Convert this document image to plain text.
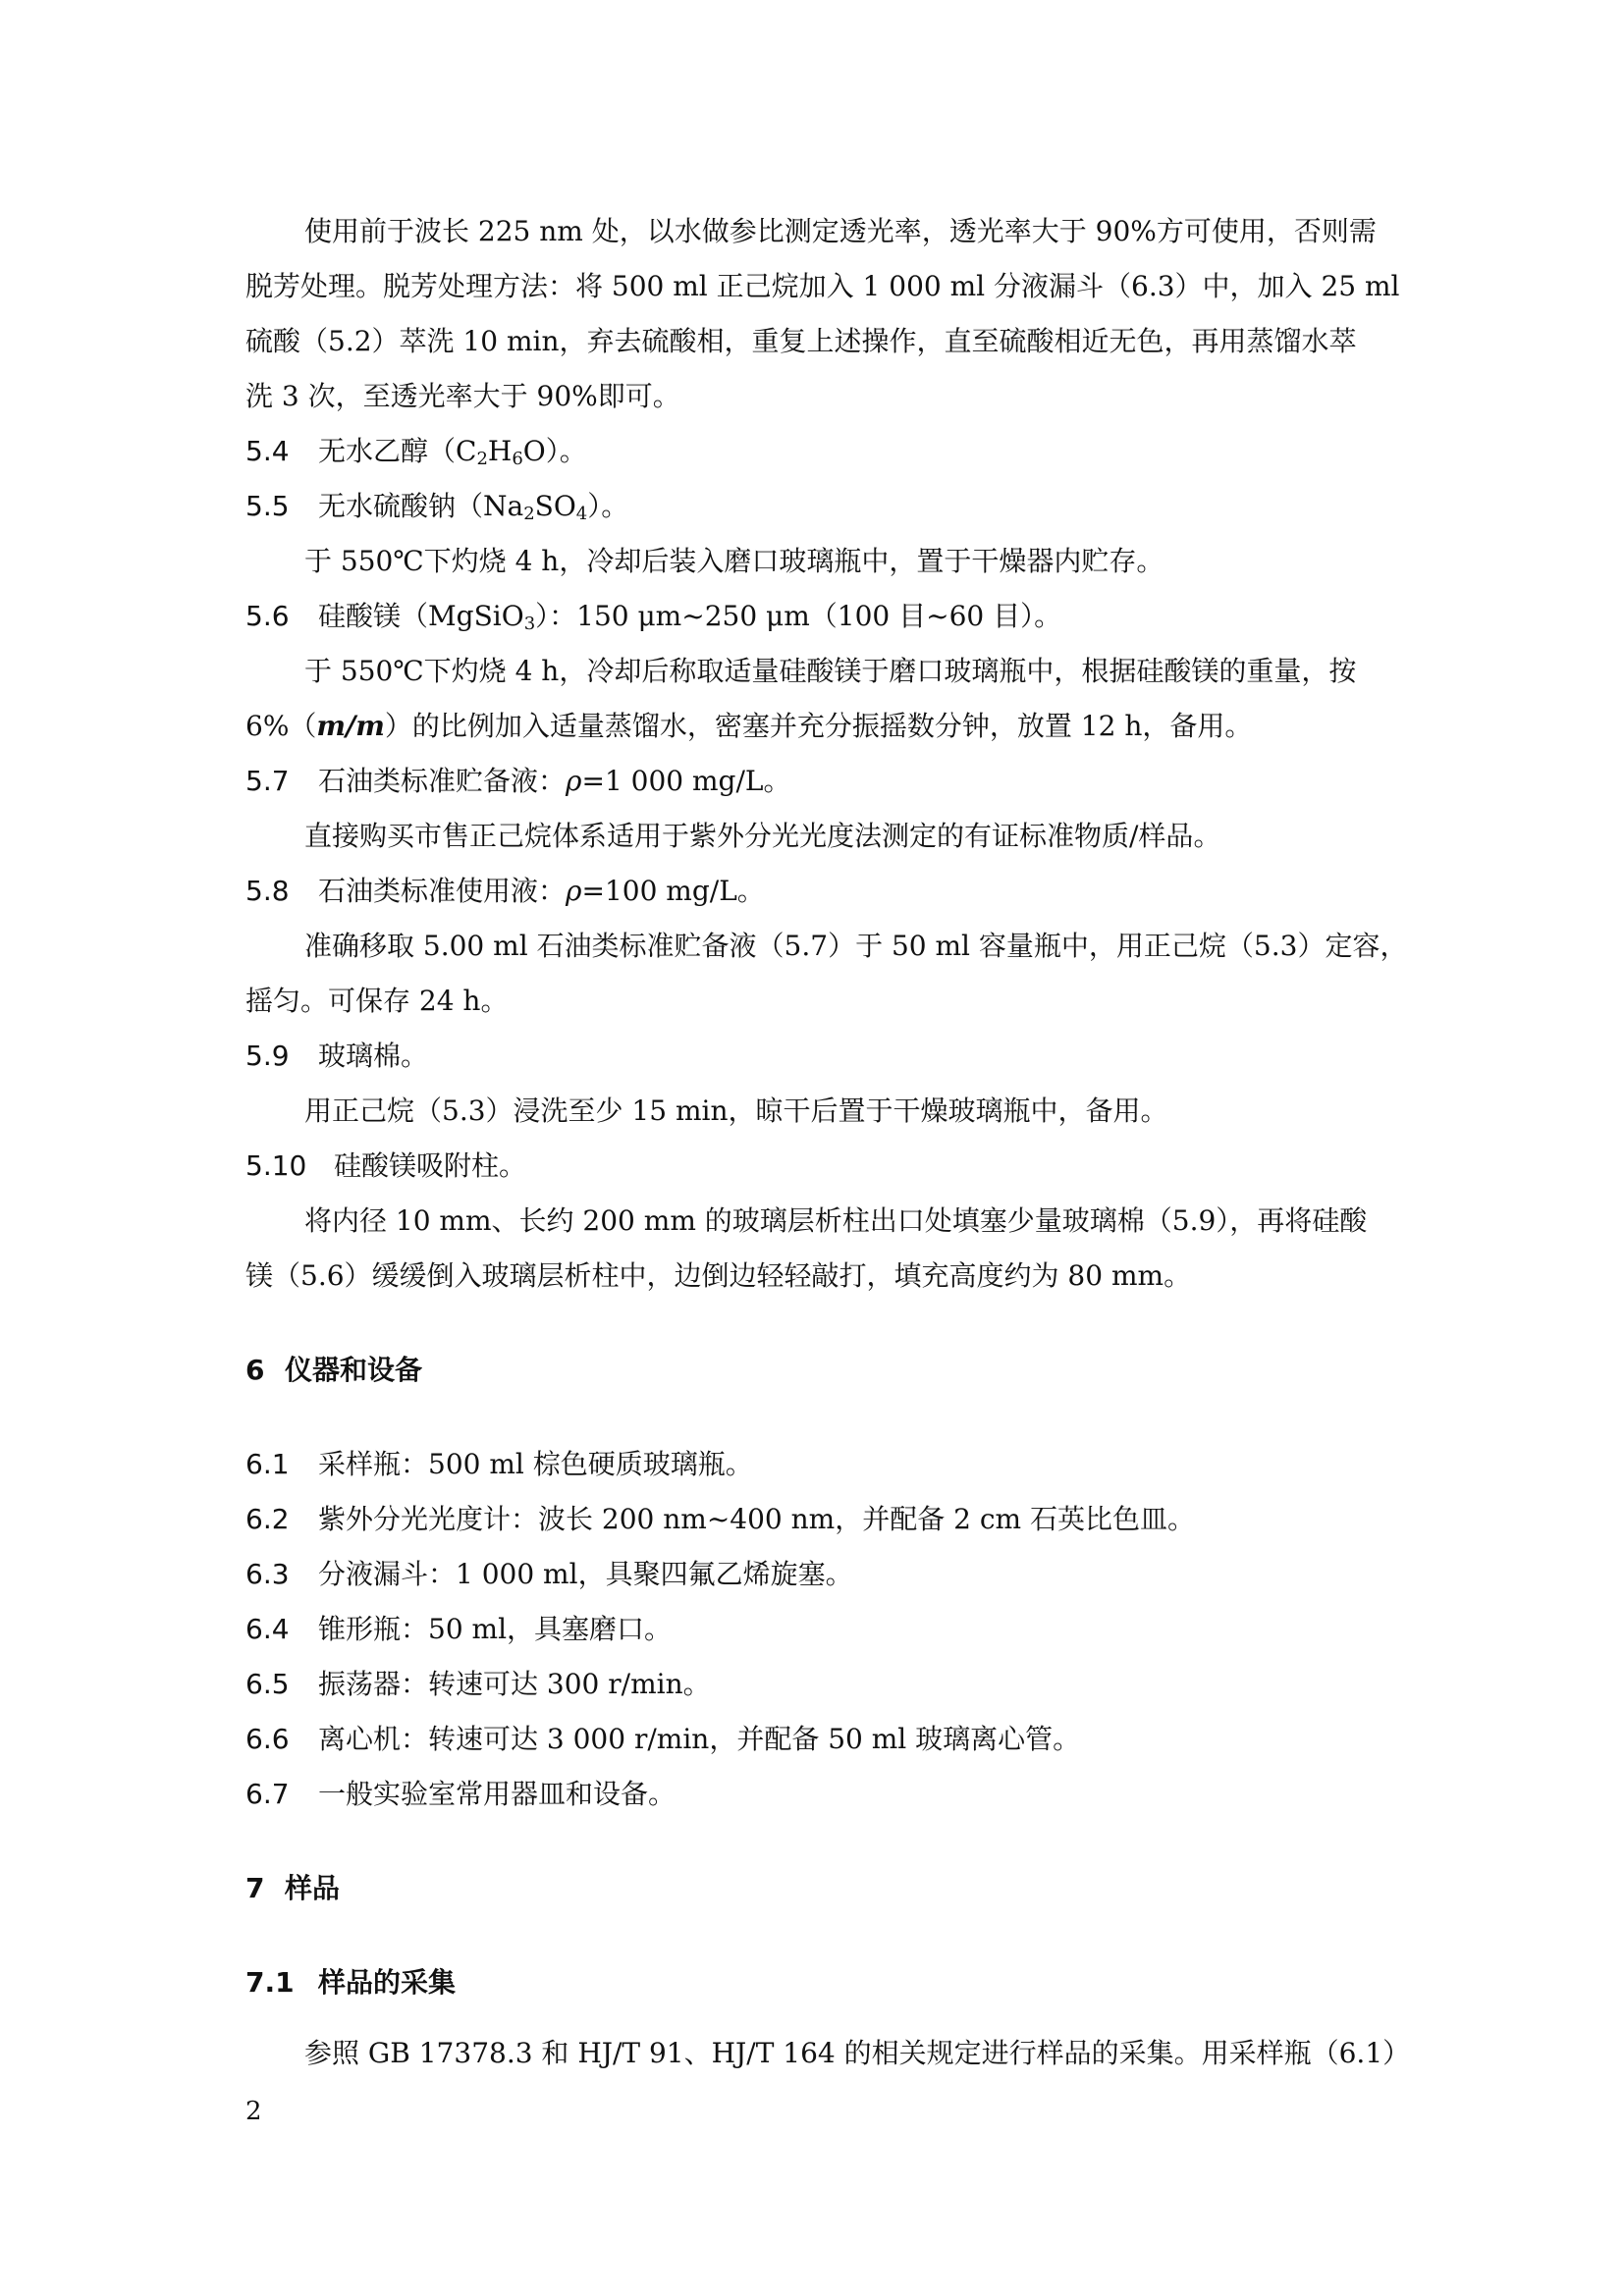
使用前于波长 225 nm 处，以水做参比测定透光率，透光率大于 90%方可使用，否则需
脱芳处理。脱芳处理方法：将 500 ml 正己烷加入 1 000 ml 分液漏斗（6.3）中，加入 25 ml
硫酸（5.2）萃洗 10 min，弃去硫酸相，重复上述操作，直至硫酸相近无色，再用蒸馏水萃
洗 3 次，至透光率大于 90%即可。
5.4 无水乙醇$(C_2H_6O)$。
5.5 无水硫酸钠$(Na_2SO_4)$。
于 550℃下灼烧 4 h，冷却后装入磨口玻璃瓶中，置于干燥器内贮存。
5.6 硅酸镁（MgSiO$_3$）：150 μm~250 μm（100 目~60 目）。
于 550℃下灼烧 4 h，冷却后称取适量硅酸镁于磨口玻璃瓶中，根据硅酸镁的重量，按
6%（m/m）的比例加入适量蒸馏水，密塞并充分振摇数分钟，放置 12 h，备用。
5.7 石油类标准贮备液：ρ=1 000 mg/L。
直接购买市售正己烷体系适用于紫外分光光度法测定的有证标准物质/样品。
5.8 石油类标准使用液：ρ=100 mg/L。
准确移取 5.00 ml 石油类标准贮备液（5.7）于 50 ml 容量瓶中，用正己烷（5.3）定容，
摇匀。可保存 24 h。
5.9 玻璃棉。
用正己烷（5.3）浸洗至少 15 min，晾干后置于干燥玻璃瓶中，备用。
5.10 硅酸镁吸附柱。
将内径 10 mm、长约 200 mm 的玻璃层析柱出口处填塞少量玻璃棉（5.9），再将硅酸
镁（5.6）缓缓倒入玻璃层析柱中，边倒边轻轻敲打，填充高度约为 80 mm。
6 仪器和设备
6.1 采样瓶：500 ml 棕色硬质玻璃瓶。
6.2 紫外分光光度计：波长 200 nm~400 nm，并配备 2 cm 石英比色皿。
6.3 分液漏斗：1 000 ml，具聚四氟乙烯旋塞。
6.4 锥形瓶：50 ml，具塞磨口。
6.5 振荡器：转速可达 300 r/min。
6.6 离心机：转速可达 3 000 r/min，并配备 50 ml 玻璃离心管。
6.7 一般实验室常用器皿和设备。
7 样品
7.1 样品的采集
参照 GB 17378.3 和 HJ/T 91、HJ/T 164 的相关规定进行样品的采集。用采样瓶（6.1）
2
